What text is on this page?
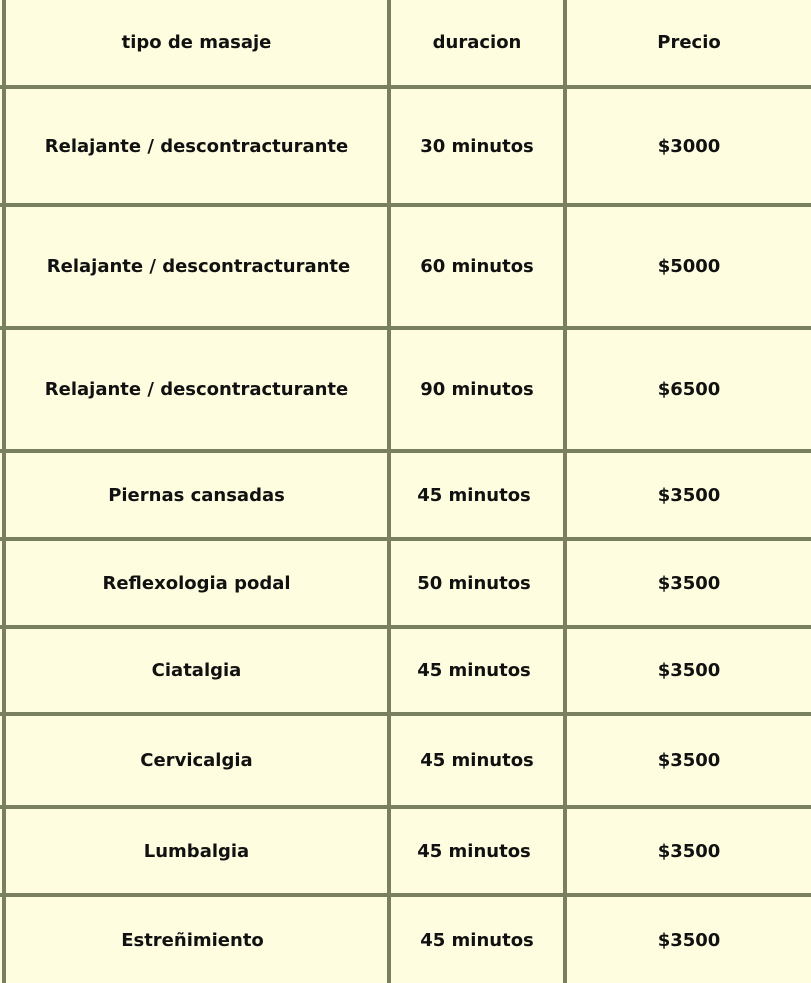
tipo de masaje	duracion	Precio
Relajante / descontracturante	30 minutos	$3000
Relajante / descontracturante	60 minutos	$5000
Relajante / descontracturante	90 minutos	$6500
Piernas cansadas	45 minutos	$3500
Reflexologia podal	50 minutos	$3500
Ciatalgia	45 minutos	$3500
Cervicalgia	45 minutos	$3500
Lumbalgia	45 minutos	$3500
Estreñimiento	45 minutos	$3500
